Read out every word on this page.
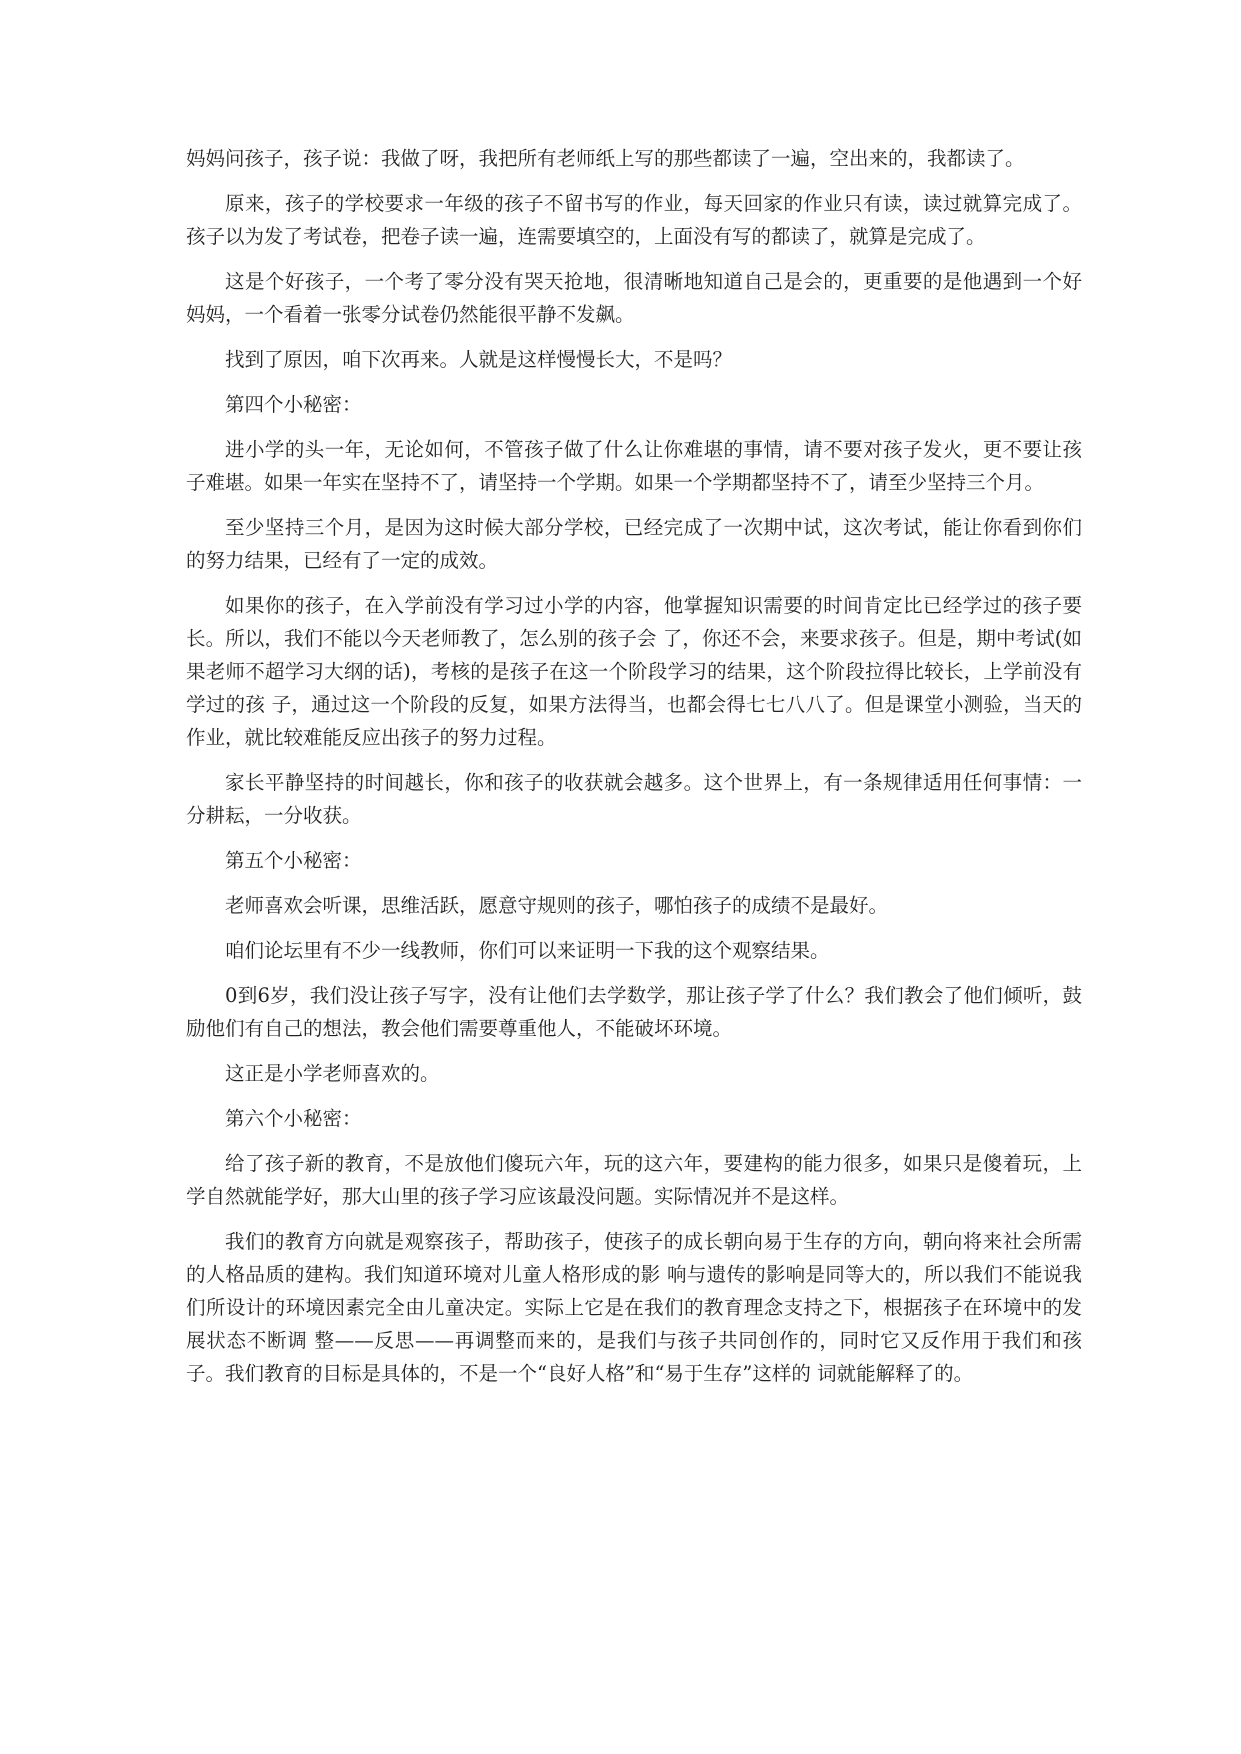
妈妈问孩子，孩子说：我做了呀，我把所有老师纸上写的那些都读了一遍，空出来的，我都读了。

原来，孩子的学校要求一年级的孩子不留书写的作业，每天回家的作业只有读，读过就算完成了。孩子以为发了考试卷，把卷子读一遍，连需要填空的，上面没有写的都读了，就算是完成了。

这是个好孩子，一个考了零分没有哭天抢地，很清晰地知道自己是会的，更重要的是他遇到一个好妈妈，一个看着一张零分试卷仍然能很平静不发飙。

找到了原因，咱下次再来。人就是这样慢慢长大，不是吗？

第四个小秘密：

进小学的头一年，无论如何，不管孩子做了什么让你难堪的事情，请不要对孩子发火，更不要让孩子难堪。如果一年实在坚持不了，请坚持一个学期。如果一个学期都坚持不了，请至少坚持三个月。

至少坚持三个月，是因为这时候大部分学校，已经完成了一次期中试，这次考试，能让你看到你们的努力结果，已经有了一定的成效。

如果你的孩子，在入学前没有学习过小学的内容，他掌握知识需要的时间肯定比已经学过的孩子要长。所以，我们不能以今天老师教了，怎么别的孩子会 了，你还不会，来要求孩子。但是，期中考试(如果老师不超学习大纲的话)，考核的是孩子在这一个阶段学习的结果，这个阶段拉得比较长，上学前没有学过的孩 子，通过这一个阶段的反复，如果方法得当，也都会得七七八八了。但是课堂小测验，当天的作业，就比较难能反应出孩子的努力过程。

家长平静坚持的时间越长，你和孩子的收获就会越多。这个世界上，有一条规律适用任何事情：一分耕耘，一分收获。

第五个小秘密：

老师喜欢会听课，思维活跃，愿意守规则的孩子，哪怕孩子的成绩不是最好。

咱们论坛里有不少一线教师，你们可以来证明一下我的这个观察结果。

0到6岁，我们没让孩子写字，没有让他们去学数学，那让孩子学了什么？我们教会了他们倾听，鼓励他们有自己的想法，教会他们需要尊重他人，不能破坏环境。

这正是小学老师喜欢的。

第六个小秘密：

给了孩子新的教育，不是放他们傻玩六年，玩的这六年，要建构的能力很多，如果只是傻着玩，上学自然就能学好，那大山里的孩子学习应该最没问题。实际情况并不是这样。

我们的教育方向就是观察孩子，帮助孩子，使孩子的成长朝向易于生存的方向，朝向将来社会所需的人格品质的建构。我们知道环境对儿童人格形成的影 响与遗传的影响是同等大的，所以我们不能说我们所设计的环境因素完全由儿童决定。实际上它是在我们的教育理念支持之下，根据孩子在环境中的发展状态不断调 整——反思——再调整而来的，是我们与孩子共同创作的，同时它又反作用于我们和孩子。我们教育的目标是具体的，不是一个“良好人格”和“易于生存”这样的 词就能解释了的。
